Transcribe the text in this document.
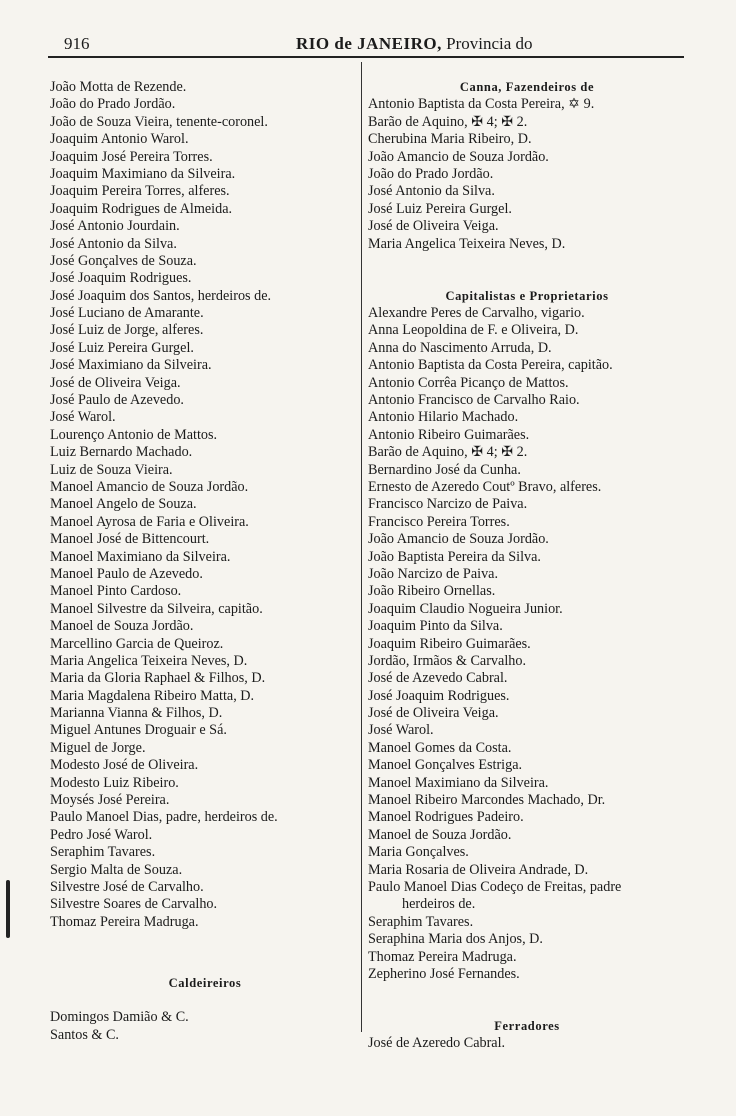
916	RIO de JANEIRO, Provincia do
João Motta de Rezende.
João do Prado Jordão.
João de Souza Vieira, tenente-coronel.
Joaquim Antonio Warol.
Joaquim José Pereira Torres.
Joaquim Maximiano da Silveira.
Joaquim Pereira Torres, alferes.
Joaquim Rodrigues de Almeida.
José Antonio Jourdain.
José Antonio da Silva.
José Gonçalves de Souza.
José Joaquim Rodrigues.
José Joaquim dos Santos, herdeiros de.
José Luciano de Amarante.
José Luiz de Jorge, alferes.
José Luiz Pereira Gurgel.
José Maximiano da Silveira.
José de Oliveira Veiga.
José Paulo de Azevedo.
José Warol.
Lourenço Antonio de Mattos.
Luiz Bernardo Machado.
Luiz de Souza Vieira.
Manoel Amancio de Souza Jordão.
Manoel Angelo de Souza.
Manoel Ayrosa de Faria e Oliveira.
Manoel José de Bittencourt.
Manoel Maximiano da Silveira.
Manoel Paulo de Azevedo.
Manoel Pinto Cardoso.
Manoel Silvestre da Silveira, capitão.
Manoel de Souza Jordão.
Marcellino Garcia de Queiroz.
Maria Angelica Teixeira Neves, D.
Maria da Gloria Raphael & Filhos, D.
Maria Magdalena Ribeiro Matta, D.
Marianna Vianna & Filhos, D.
Miguel Antunes Droguair e Sá.
Miguel de Jorge.
Modesto José de Oliveira.
Modesto Luiz Ribeiro.
Moysés José Pereira.
Paulo Manoel Dias, padre, herdeiros de.
Pedro José Warol.
Seraphim Tavares.
Sergio Malta de Souza.
Silvestre José de Carvalho.
Silvestre Soares de Carvalho.
Thomaz Pereira Madruga.
Caldeireiros
Domingos Damião & C.
Santos & C.
Canna, Fazendeiros de
Antonio Baptista da Costa Pereira, ✡ 9.
Barão de Aquino, ✠ 4; ✠ 2.
Cherubina Maria Ribeiro, D.
João Amancio de Souza Jordão.
João do Prado Jordão.
José Antonio da Silva.
José Luiz Pereira Gurgel.
José de Oliveira Veiga.
Maria Angelica Teixeira Neves, D.
Capitalistas e Proprietarios
Alexandre Peres de Carvalho, vigario.
Anna Leopoldina de F. e Oliveira, D.
Anna do Nascimento Arruda, D.
Antonio Baptista da Costa Pereira, capitão.
Antonio Corrêa Picanço de Mattos.
Antonio Francisco de Carvalho Raio.
Antonio Hilario Machado.
Antonio Ribeiro Guimarães.
Barão de Aquino, ✠ 4; ✠ 2.
Bernardino José da Cunha.
Ernesto de Azeredo Coutº Bravo, alferes.
Francisco Narcizo de Paiva.
Francisco Pereira Torres.
João Amancio de Souza Jordão.
João Baptista Pereira da Silva.
João Narcizo de Paiva.
João Ribeiro Ornellas.
Joaquim Claudio Nogueira Junior.
Joaquim Pinto da Silva.
Joaquim Ribeiro Guimarães.
Jordão, Irmãos & Carvalho.
José de Azevedo Cabral.
José Joaquim Rodrigues.
José de Oliveira Veiga.
José Warol.
Manoel Gomes da Costa.
Manoel Gonçalves Estriga.
Manoel Maximiano da Silveira.
Manoel Ribeiro Marcondes Machado, Dr.
Manoel Rodrigues Padeiro.
Manoel de Souza Jordão.
Maria Gonçalves.
Maria Rosaria de Oliveira Andrade, D.
Paulo Manoel Dias Codeço de Freitas, padre
herdeiros de.
Seraphim Tavares.
Seraphina Maria dos Anjos, D.
Thomaz Pereira Madruga.
Zepherino José Fernandes.
Ferradores
José de Azeredo Cabral.
